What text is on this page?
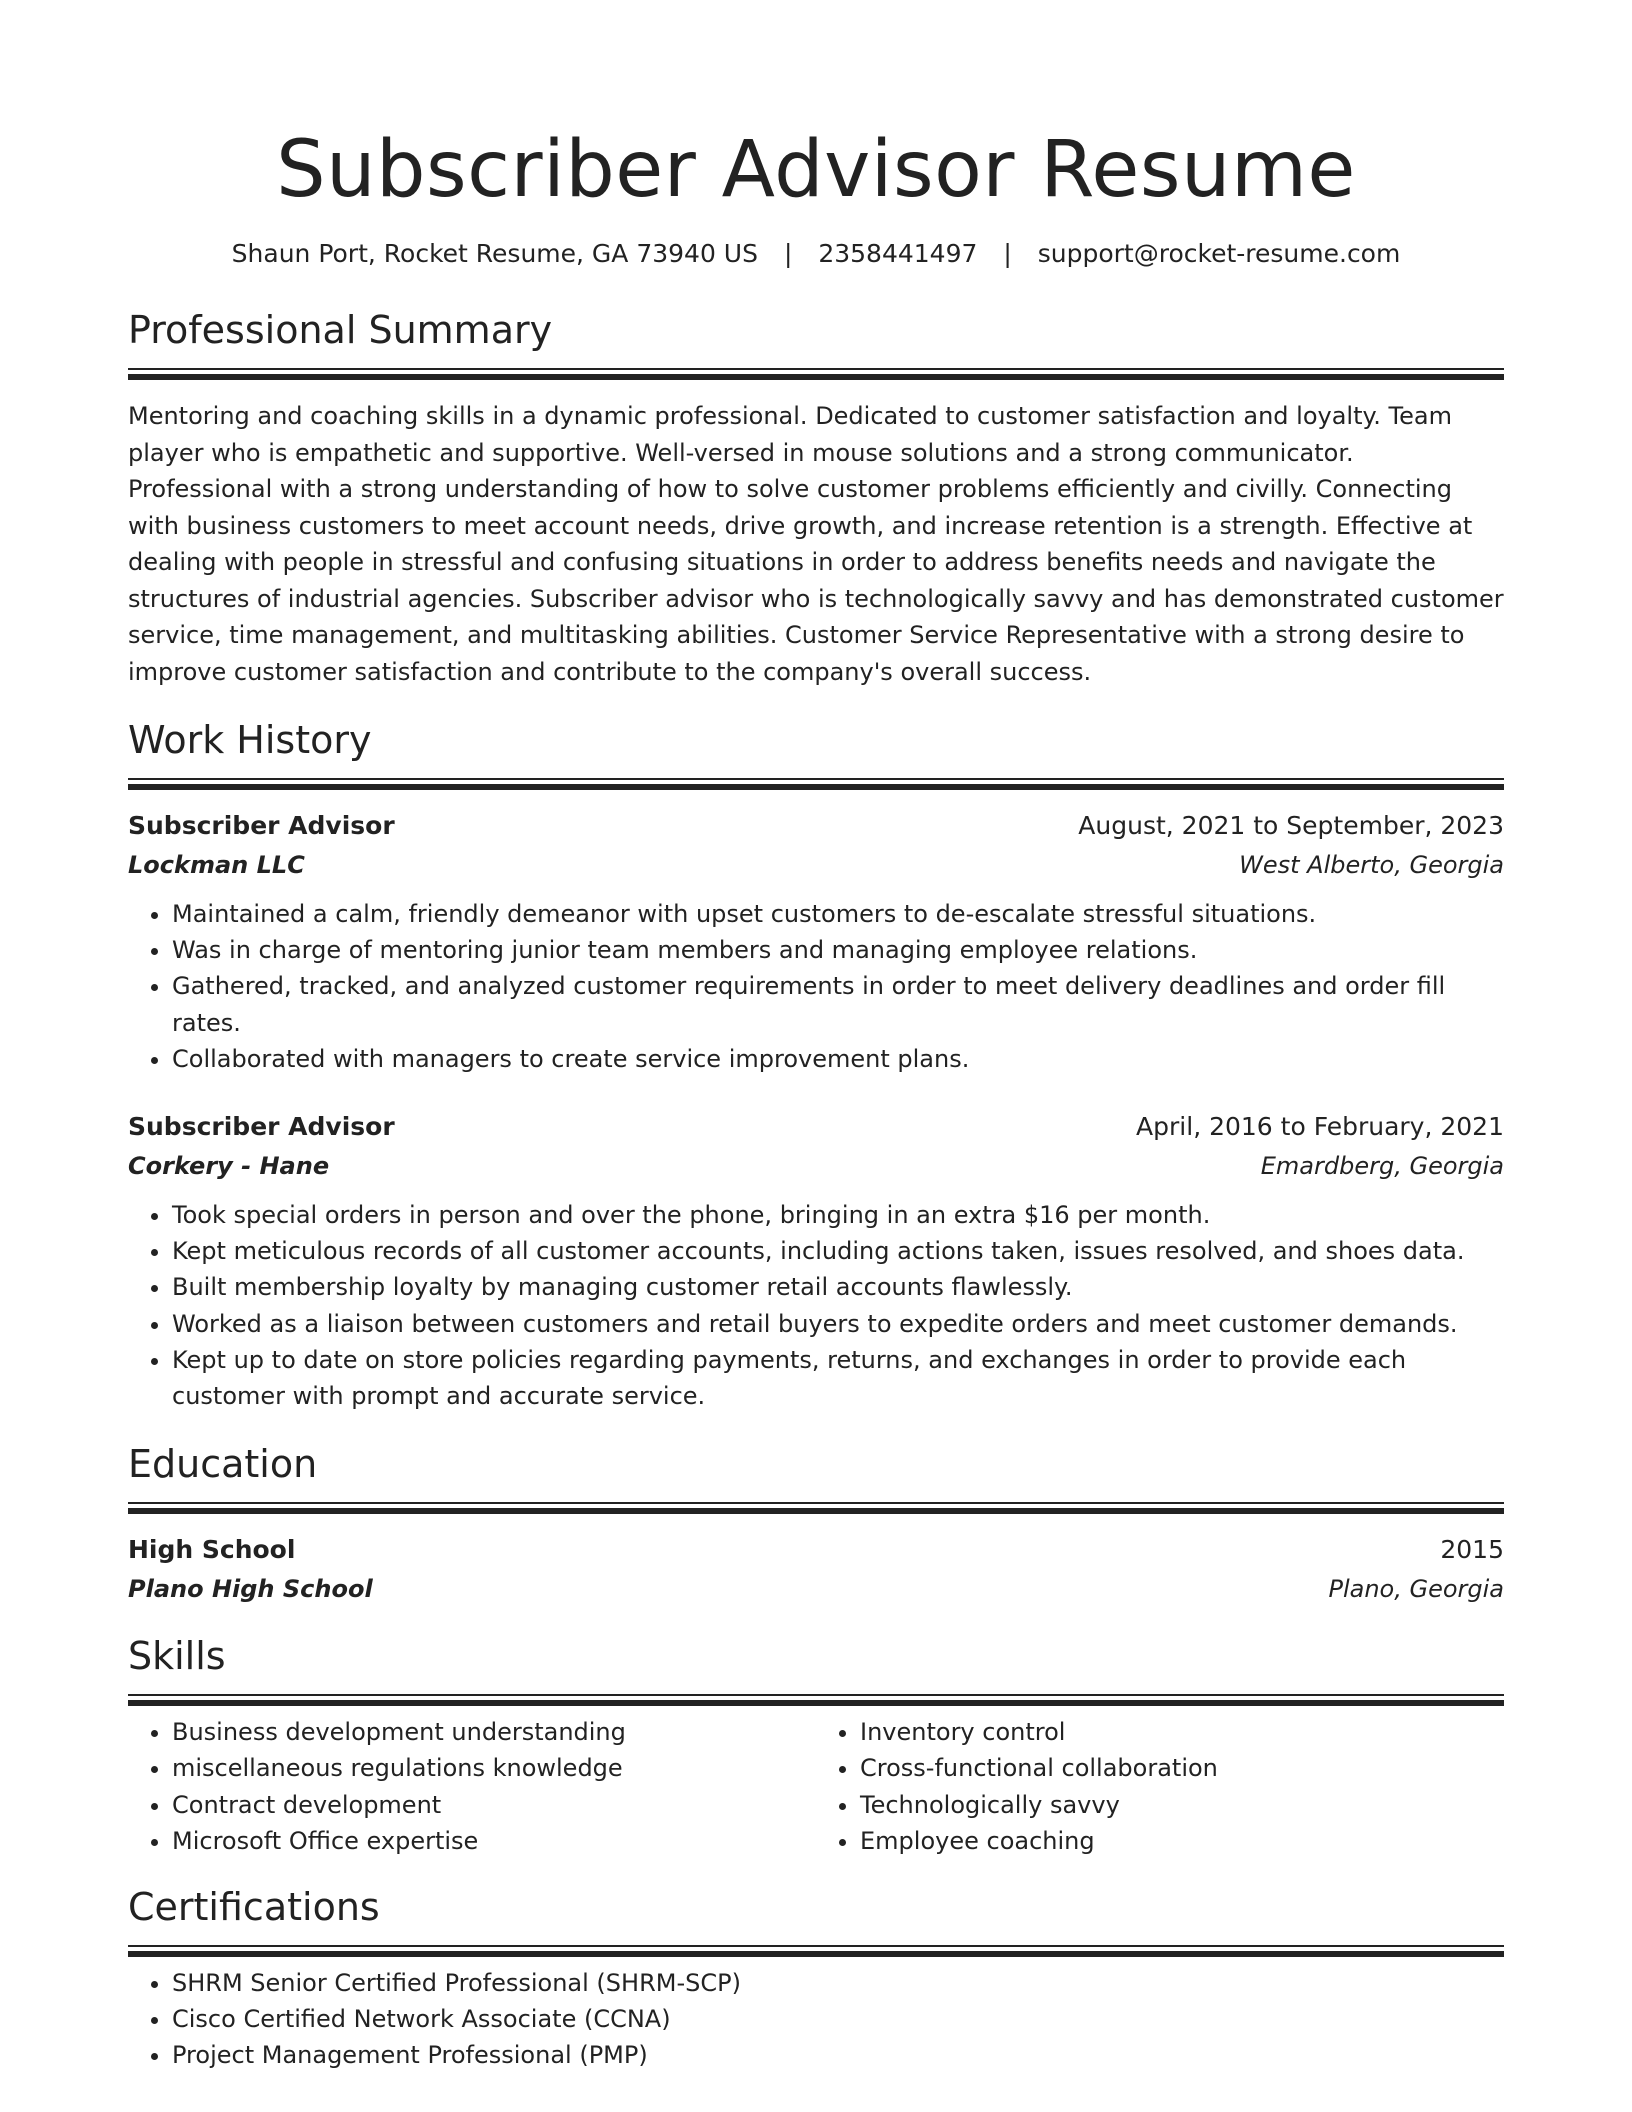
Subscriber Advisor Resume
Shaun Port, Rocket Resume, GA 73940 US | 2358441497 | support@rocket-resume.com
Professional Summary
Mentoring and coaching skills in a dynamic professional. Dedicated to customer satisfaction and loyalty. Team player who is empathetic and supportive. Well-versed in mouse solutions and a strong communicator. Professional with a strong understanding of how to solve customer problems efficiently and civilly. Connecting with business customers to meet account needs, drive growth, and increase retention is a strength. Effective at dealing with people in stressful and confusing situations in order to address benefits needs and navigate the structures of industrial agencies. Subscriber advisor who is technologically savvy and has demonstrated customer service, time management, and multitasking abilities. Customer Service Representative with a strong desire to improve customer satisfaction and contribute to the company's overall success.
Work History
Subscriber Advisor	August, 2021 to September, 2023
Lockman LLC	West Alberto, Georgia
• Maintained a calm, friendly demeanor with upset customers to de-escalate stressful situations.
• Was in charge of mentoring junior team members and managing employee relations.
• Gathered, tracked, and analyzed customer requirements in order to meet delivery deadlines and order fill rates.
• Collaborated with managers to create service improvement plans.
Subscriber Advisor	April, 2016 to February, 2021
Corkery - Hane	Emardberg, Georgia
• Took special orders in person and over the phone, bringing in an extra $16 per month.
• Kept meticulous records of all customer accounts, including actions taken, issues resolved, and shoes data.
• Built membership loyalty by managing customer retail accounts flawlessly.
• Worked as a liaison between customers and retail buyers to expedite orders and meet customer demands.
• Kept up to date on store policies regarding payments, returns, and exchanges in order to provide each customer with prompt and accurate service.
Education
High School	2015
Plano High School	Plano, Georgia
Skills
• Business development understanding
• miscellaneous regulations knowledge
• Contract development
• Microsoft Office expertise
• Inventory control
• Cross-functional collaboration
• Technologically savvy
• Employee coaching
Certifications
• SHRM Senior Certified Professional (SHRM-SCP)
• Cisco Certified Network Associate (CCNA)
• Project Management Professional (PMP)
